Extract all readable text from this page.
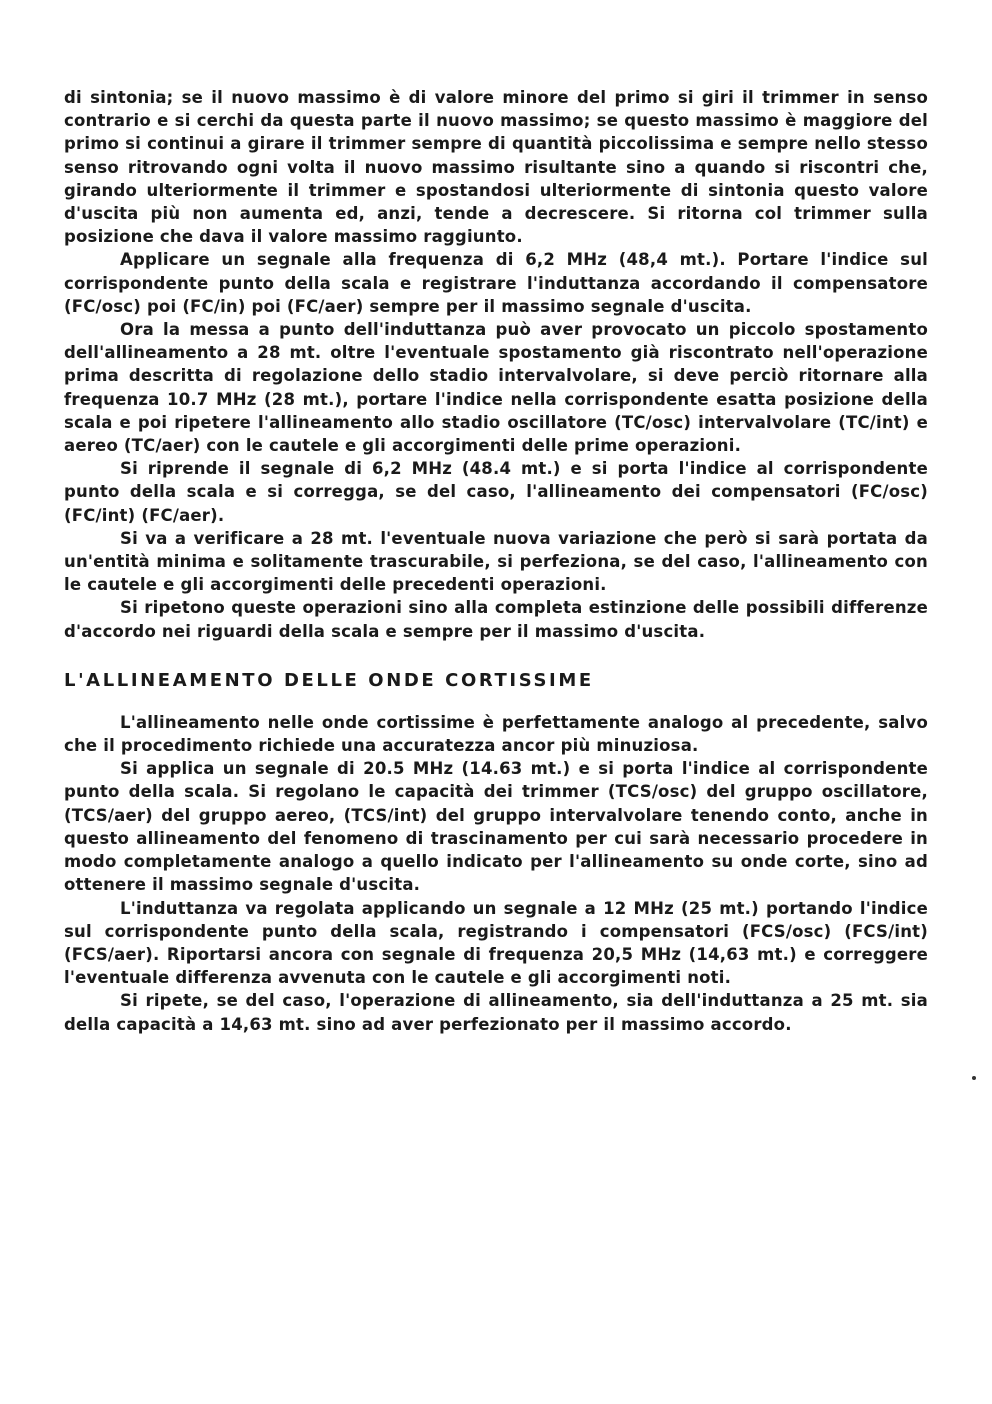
di sintonia; se il nuovo massimo è di valore minore del primo si giri il trimmer in senso contrario e si cerchi da questa parte il nuovo massimo; se questo massimo è maggiore del primo si continui a girare il trimmer sempre di quantità piccolissima e sempre nello stesso senso ritrovando ogni volta il nuovo massimo risultante sino a quando si riscontri che, girando ulteriormente il trimmer e spostandosi ulteriormente di sintonia questo valore d'uscita più non aumenta ed, anzi, tende a decrescere. Si ritorna col trimmer sulla posizione che dava il valore massimo raggiunto.

Applicare un segnale alla frequenza di 6,2 MHz (48,4 mt.). Portare l'indice sul corrispondente punto della scala e registrare l'induttanza accordando il compensatore (FC/osc) poi (FC/in) poi (FC/aer) sempre per il massimo segnale d'uscita.

Ora la messa a punto dell'induttanza può aver provocato un piccolo spostamento dell'allineamento a 28 mt. oltre l'eventuale spostamento già riscontrato nell'operazione prima descritta di regolazione dello stadio intervalvolare, si deve perciò ritornare alla frequenza 10.7 MHz (28 mt.), portare l'indice nella corrispondente esatta posizione della scala e poi ripetere l'allineamento allo stadio oscillatore (TC/osc) intervalvolare (TC/int) e aereo (TC/aer) con le cautele e gli accorgimenti delle prime operazioni.

Si riprende il segnale di 6,2 MHz (48.4 mt.) e si porta l'indice al corrispondente punto della scala e si corregga, se del caso, l'allineamento dei compensatori (FC/osc) (FC/int) (FC/aer).

Si va a verificare a 28 mt. l'eventuale nuova variazione che però si sarà portata da un'entità minima e solitamente trascurabile, si perfeziona, se del caso, l'allineamento con le cautele e gli accorgimenti delle precedenti operazioni.

Si ripetono queste operazioni sino alla completa estinzione delle possibili differenze d'accordo nei riguardi della scala e sempre per il massimo d'uscita.

L'ALLINEAMENTO DELLE ONDE CORTISSIME

L'allineamento nelle onde cortissime è perfettamente analogo al precedente, salvo che il procedimento richiede una accuratezza ancor più minuziosa.

Si applica un segnale di 20.5 MHz (14.63 mt.) e si porta l'indice al corrispondente punto della scala. Si regolano le capacità dei trimmer (TCS/osc) del gruppo oscillatore, (TCS/aer) del gruppo aereo, (TCS/int) del gruppo intervalvolare tenendo conto, anche in questo allineamento del fenomeno di trascinamento per cui sarà necessario procedere in modo completamente analogo a quello indicato per l'allineamento su onde corte, sino ad ottenere il massimo segnale d'uscita.

L'induttanza va regolata applicando un segnale a 12 MHz (25 mt.) portando l'indice sul corrispondente punto della scala, registrando i compensatori (FCS/osc) (FCS/int) (FCS/aer). Riportarsi ancora con segnale di frequenza 20,5 MHz (14,63 mt.) e correggere l'eventuale differenza avvenuta con le cautele e gli accorgimenti noti.

Si ripete, se del caso, l'operazione di allineamento, sia dell'induttanza a 25 mt. sia della capacità a 14,63 mt. sino ad aver perfezionato per il massimo accordo.
